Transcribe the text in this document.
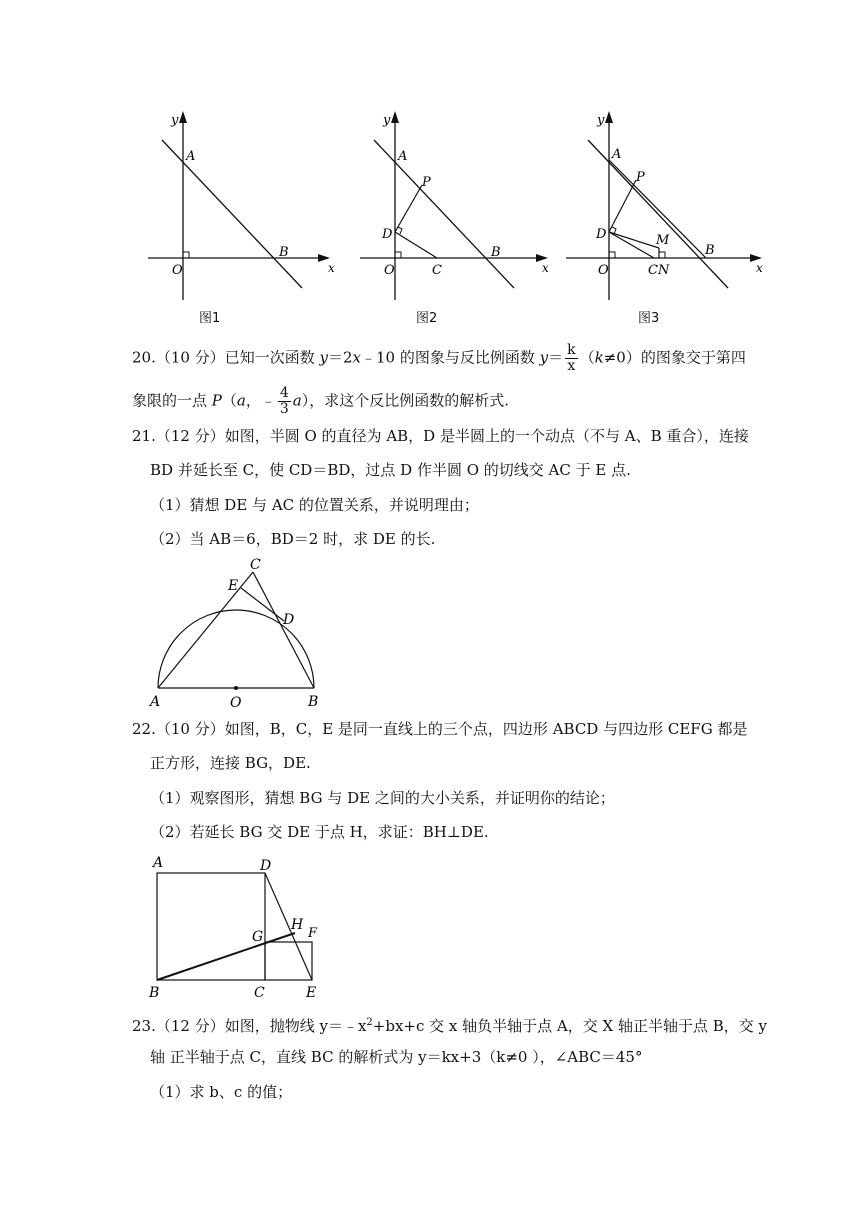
y
A
B
O	x
图1
y
A
P
D
B
O	C	x
图2
y
A
P
D	M
B
O	CN	x
图3
20.（10 分）已知一次函数 y＝2x﹣10 的图象与反比例函数 $y= \frac{k}{x} (k\ne 0)$的图象交于第四
象限的一点 P（a，﹣ $\frac{4}{3} a$），求这个反比例函数的解析式.
21.（12 分）如图，半圆 O 的直径为 AB，D 是半圆上的一个动点（不与 A、B 重合），连接
BD 并延长至 C，使 CD＝BD，过点 D 作半圆 O 的切线交 AC 于 E 点.
（1）猜想 DE 与 AC 的位置关系，并说明理由；
（2）当 AB＝6，BD＝2 时，求 DE 的长.
C
E
D
A	O	B
22.（10 分）如图，B，C，E 是同一直线上的三个点，四边形 ABCD 与四边形 CEFG 都是
正方形，连接 BG，DE.
（1）观察图形，猜想 BG 与 DE 之间的大小关系，并证明你的结论；
（2）若延长 BG 交 DE 于点 H，求证：BH⊥DE.
A	D
H
F
G
B	C	E
23.（12 分）如图，抛物线 $y=﹣x^2+bx+c$ 交 x 轴负半轴于点 A，交 X 轴正半轴于点 B，交 y
轴 正半轴于点 C，直线 BC 的解析式为 y＝kx+3（k≠0 ），∠ABC＝45°
（1）求 b、c 的值；
